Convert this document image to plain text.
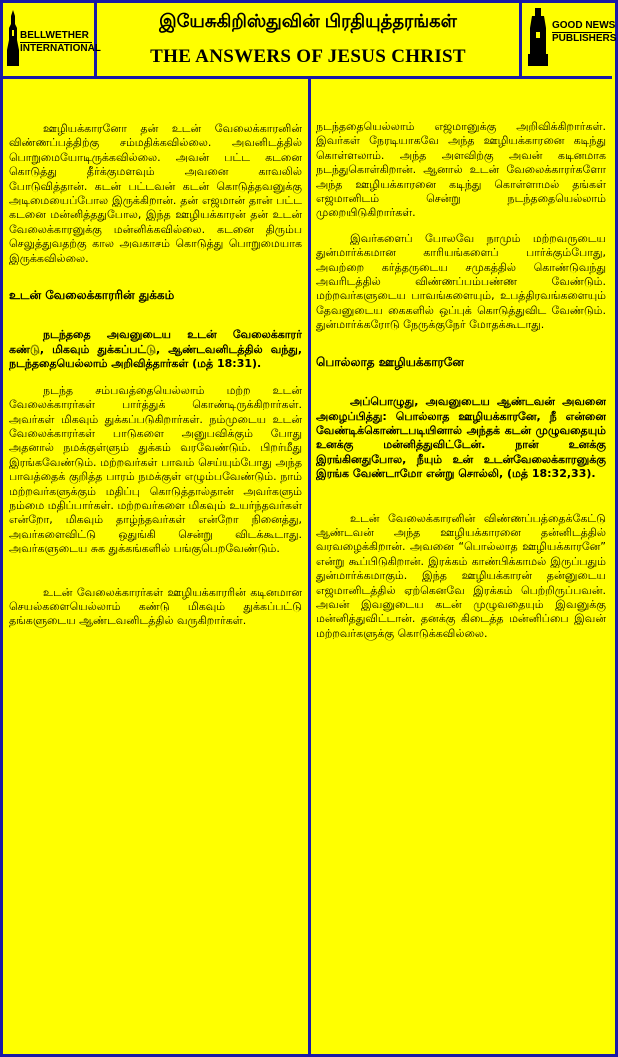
BELLWETHER
INTERNATIONAL
இயேசுகிறிஸ்துவின் பிரதியுத்தரங்கள்
THE ANSWERS OF JESUS CHRIST
GOOD NEWS
PUBLISHERS

ஊழியக்காரனோ தன் உடன் வேலைக்காரனின் விண்ணப்பத்திற்கு சம்மதிக்கவில்லை. அவனிடத்தில் பொறுமையோடிருக்கவில்லை. அவன் பட்ட கடனை கொடுத்து தீர்க்குமளவும் அவனை காவலில் போடுவித்தான். கடன் பட்டவன் கடன் கொடுத்தவனுக்கு அடிமையைப்போல இருக்கிறான். தன் எஜமான் தான் பட்ட கடனை மன்னித்ததுபோல, இந்த ஊழியக்காரன் தன் உடன் வேலைக்காரனுக்கு மன்னிக்கவில்லை. கடனை திரும்ப செலுத்துவதற்கு கால அவகாசம் கொடுத்து பொறுமையாக இருக்கவில்லை.

உடன் வேலைக்காரரின் துக்கம்

நடந்ததை அவனுடைய உடன் வேலைக்காரர் கண்டு, மிகவும் துக்கப்பட்டு, ஆண்டவனிடத்தில் வந்து, நடந்ததையெல்லாம் அறிவித்தார்கள் (மத் 18:31).

நடந்த சம்பவத்தையெல்லாம் மற்ற உடன் வேலைக்காரர்கள் பார்த்துக் கொண்டிருக்கிறார்கள். அவர்கள் மிகவும் துக்கப்படுகிறார்கள். நம்முடைய உடன் வேலைக்காரர்கள் பாடுகளை அனுபவிக்கும் போது அதனால் நமக்குள்ளும் துக்கம் வரவேண்டும். பிறர்மீது இரங்கவேண்டும். மற்றவர்கள் பாவம் செய்யும்போது அந்த பாவத்தைக் குறித்த பாரம் நமக்குள் எழும்பவேண்டும். நாம் மற்றவர்களுக்கும் மதிப்பு கொடுத்தால்தான் அவர்களும் நம்மை மதிப்பார்கள். மற்றவர்களை மிகவும் உயர்ந்தவர்கள் என்றோ, மிகவும் தாழ்ந்தவர்கள் என்றோ நினைத்து, அவர்களைவிட்டு ஒதுங்கி சென்று விடக்கூடாது. அவர்களுடைய சுக துக்கங்களில் பங்குபெறவேண்டும்.

உடன் வேலைக்காரர்கள் ஊழியக்காரரின் கடினமான செயல்களையெல்லாம் கண்டு மிகவும் துக்கப்பட்டு தங்களுடைய ஆண்டவனிடத்தில் வருகிறார்கள்.

நடந்ததையெல்லாம் எஜமானுக்கு அறிவிக்கிறார்கள். இவர்கள் நேரடியாகவே அந்த ஊழியக்காரனை கடிந்து கொள்ளலாம். அந்த அளவிற்கு அவன் கடினமாக நடந்துகொள்கிறான். ஆனால் உடன் வேலைக்காரர்களோ அந்த ஊழியக்காரனை கடிந்து கொள்ளாமல் தங்கள் எஜமானிடம் சென்று நடந்ததையெல்லாம் முறையிடுகிறார்கள்.

இவர்களைப் போலவே நாமும் மற்றவருடைய துன்மார்க்கமான காரியங்களைப் பார்க்கும்போது, அவற்றை கர்த்தருடைய சமுகத்தில் கொண்டுவந்து அவரிடத்தில் விண்ணப்பம்பண்ண வேண்டும். மற்றவர்களுடைய பாவங்களையும், உபத்திரவங்களையும் தேவனுடைய கைகளில் ஒப்புக் கொடுத்துவிட வேண்டும். துன்மார்க்கரோடு நேருக்குநேர் மோதக்கூடாது.

பொல்லாத ஊழியக்காரனே

அப்பொழுது, அவனுடைய ஆண்டவன் அவனை அழைப்பித்து: பொல்லாத ஊழியக்காரனே, நீ என்னை வேண்டிக்கொண்டபடியினால் அந்தக் கடன் முழுவதையும் உனக்கு மன்னித்துவிட்டேன். நான் உனக்கு இரங்கினதுபோல, நீயும் உன் உடன்வேலைக்காரனுக்கு இரங்க வேண்டாமோ என்று சொல்லி, (மத் 18:32,33).

உடன் வேலைக்காரனின் விண்ணப்பத்தைக்கேட்டு ஆண்டவன் அந்த ஊழியக்காரனை தன்னிடத்தில் வரவழைக்கிறான். அவனை “பொல்லாத ஊழியக்காரனே” என்று கூப்பிடுகிறான். இரக்கம் காண்பிக்காமல் இருப்பதும் துன்மார்க்கமாகும். இந்த ஊழியக்காரன் தன்னுடைய எஜமானிடத்தில் ஏற்கெனவே இரக்கம் பெற்றிருப்பவன். அவன் இவனுடைய கடன் முழுவதையும் இவனுக்கு மன்னித்துவிட்டான். தனக்கு கிடைத்த மன்னிப்பை இவன் மற்றவர்களுக்கு கொடுக்கவில்லை.
